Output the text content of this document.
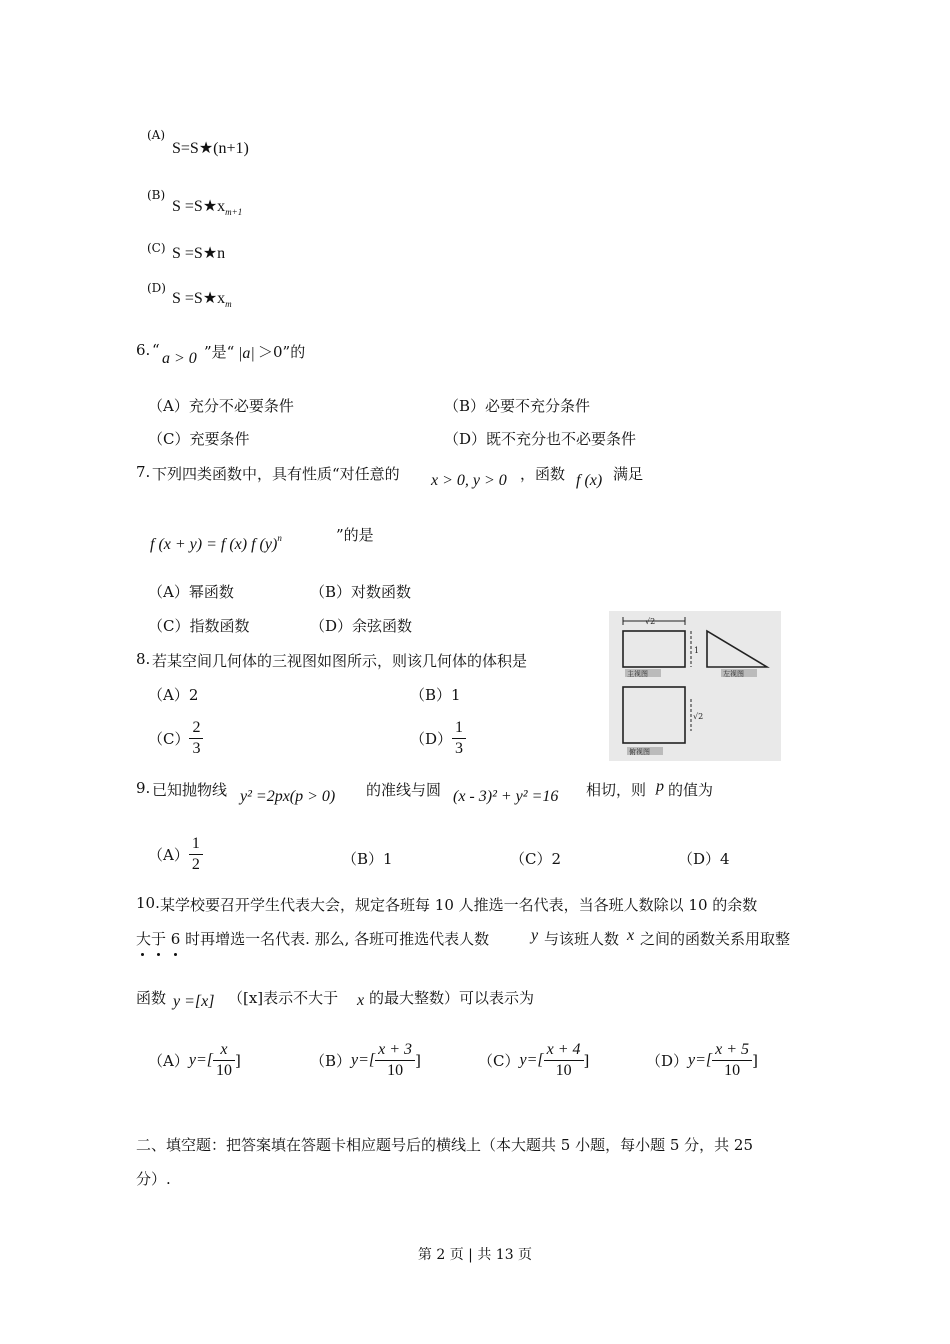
(A)
S=S★(n+1)
(B)
$S =S★x_{m+1}$
(C) S =S★n
(D)
$S =S★x_m$
6. “ a > 0 ”是“ |a| ＞0”的
（A）充分不必要条件	（B）必要不充分条件
（C）充要条件	（D）既不充分也不必要条件
7. 下列四类函数中，具有性质“对任意的 x > 0, y > 0 ，函数 f (x) 满足
f (x + y) = f (x) f $(y)^n$	”的是
（A）幂函数	（B）对数函数
（C）指数函数	（D）余弦函数
8. 若某空间几何体的三视图如图所示，则该几何体的体积是
（A）2	（B）1
$(C) \frac{2}{3}$	$(D) \frac{1}{3}$
√2
1
主视图	左视图
√2
俯视图
9. 已知抛物线 y² =2px(p > 0) 的准线与圆 (x - 3)² + y² =16 相切，则 p 的值为
$(A) \frac{1}{2}$	（B）1	（C）2	（D）4
10. 某学校要召开学生代表大会，规定各班每 10 人推选一名代表，当各班人数除以 10 的余数
大于 6 时再增选一名代表. 那么, 各班可推选代表人数	y 与该班人数 x 之间的函数关系用取整
函数 y =[x] （[x]表示不大于 x 的最大整数）可以表示为
$(A)y=[ \frac{x}{10}$ ]	$(B)y=[ \frac{x + 3}{10}$ ]	$(C)y=[ \frac{x + 4}{10}$ ]	$(D)y=[ \frac{x + 5}{10}$ ]
二、填空题：把答案填在答题卡相应题号后的横线上（本大题共 5 小题，每小题 5 分，共 25
分）.
第 2 页 | 共 13 页
